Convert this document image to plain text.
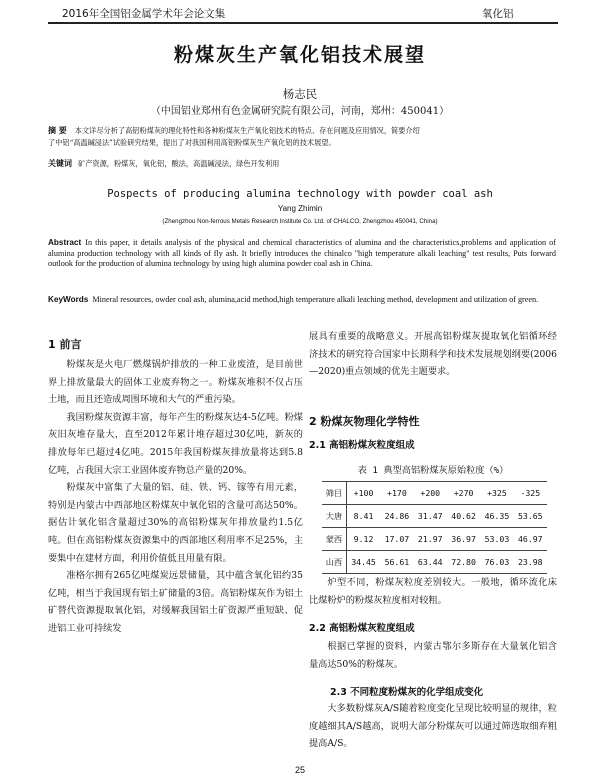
2016年全国铝金属学术年会论文集	氧化铝
粉煤灰生产氧化铝技术展望
杨志民
（中国铝业郑州有色金属研究院有限公司，河南，郑州：450041）
摘 要 本文详尽分析了高铝粉煤灰的理化特性和各种粉煤灰生产氧化铝技术的特点、存在问题及应用情况，简要介绍
了中铝“高温碱浸法”试验研究结果，提出了对我国利用高铝粉煤灰生产氧化铝的技术展望。
关键词 矿产资源，粉煤灰，氧化铝，酸法，高温碱浸法，绿色开发利用
Pospects of producing alumina technology with powder coal ash
Yang Zhimin
(Zhengzhou Non-ferrous Metals Research Institute Co. Ltd. of CHALCO, Zhengzhou 450041, China)
Abstract In this paper, it details analysis of the physical and chemical characteristics of alumina and the characteristics,problems and application of alumina production technology with all kinds of fly ash. It briefly introduces the chinalco "high temperature alkali leaching" test results, Puts forward outlook for the production of alumina technology by using high alumina powder coal ash in China.
KeyWords Mineral resources, owder coal ash, alumina,acid method,high temperature alkali leaching method, development and utilization of green.
1 前言

粉煤灰是火电厂燃煤锅炉排放的一种工业废渣，是目前世界上排放量最大的固体工业废弃物之一。粉煤灰堆积不仅占压土地，而且还造成周围环境和大气的严重污染。

我国粉煤灰资源丰富，每年产生的粉煤灰达4-5亿吨。粉煤灰旧灰堆存量大，直至2012年累计堆存超过30亿吨，新灰的排放每年已超过4亿吨。2015年我国粉煤灰排放量将达到5.8亿吨，占我国大宗工业固体废弃物总产量的20%。

粉煤灰中富集了大量的铝、硅、铁、钙、镓等有用元素，特别是内蒙古中西部地区粉煤灰中氧化铝的含量可高达50%。据估计氧化铝含量超过30%的高铝粉煤灰年排放量约1.5亿吨。但在高铝粉煤灰资源集中的西部地区利用率不足25%，主要集中在建材方面，利用价值低且用量有限。

准格尔拥有265亿吨煤炭远景储量，其中蕴含氧化铝约35亿吨，相当于我国现有铝土矿储量的3倍。高铝粉煤灰作为铝土矿替代资源提取氧化铝，对缓解我国铝土矿资源严重短缺、促进铝工业可持续发

展具有重要的战略意义。开展高铝粉煤灰提取氧化铝循环经济技术的研究符合国家中长期科学和技术发展规划纲要(2006—2020)重点领域的优先主题要求。

2 粉煤灰物理化学特性
2.1 高铝粉煤灰粒度组成
表 1 典型高铝粉煤灰原始粒度（%）
筛目	+100	+170	+200	+270	+325	-325
大唐	8.41	24.86	31.47	40.62	46.35	53.65
蒙西	9.12	17.07	21.97	36.97	53.03	46.97
山西	34.45	56.61	63.44	72.80	76.03	23.98

炉型不同，粉煤灰粒度差别较大。一般地，循环流化床比煤粉炉的粉煤灰粒度相对较粗。

2.2 高铝粉煤灰粒度组成

根据已掌握的资料，内蒙古鄂尔多斯存在大量氧化铝含量高达50%的粉煤灰。

2.3 不同粒度粉煤灰的化学组成变化

大多数粉煤灰A/S随着粒度变化呈现比较明显的规律，粒度越细其A/S越高，说明大部分粉煤灰可以通过筛选取细弃粗提高A/S。

25
